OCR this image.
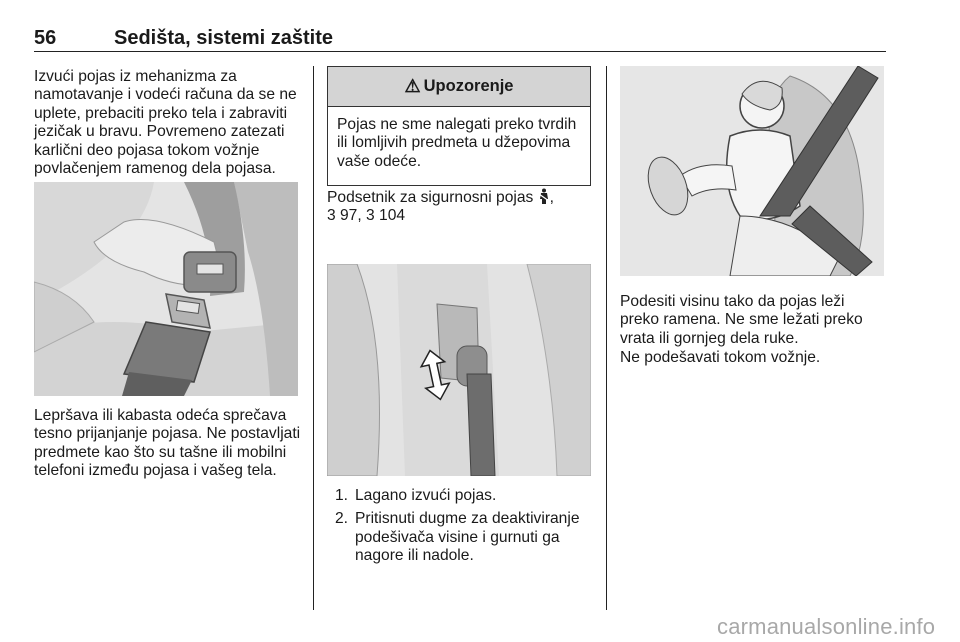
56	Sedišta, sistemi zaštite

Izvući pojas iz mehanizma za namotavanje i vodeći računa da se ne uplete, prebaciti preko tela i zabraviti jezičak u bravu. Povremeno zatezati karlični deo pojasa tokom vožnje povlačenjem ramenog dela pojasa.

Lepršava ili kabasta odeća sprečava tesno prijanjanje pojasa. Ne postavljati predmete kao što su tašne ili mobilni telefoni između pojasa i vašeg tela.

⚠ Upozorenje
Pojas ne sme nalegati preko tvrdih ili lomljivih predmeta u džepovima vaše odeće.

Podsetnik za sigurnosni pojas ,
3 97, 3 104

1. Lagano izvući pojas.
2. Pritisnuti dugme za deaktiviranje podešivača visine i gurnuti ga nagore ili nadole.

Podesiti visinu tako da pojas leži preko ramena. Ne sme ležati preko vrata ili gornjeg dela ruke.

Ne podešavati tokom vožnje.

carmanualsonline.info
